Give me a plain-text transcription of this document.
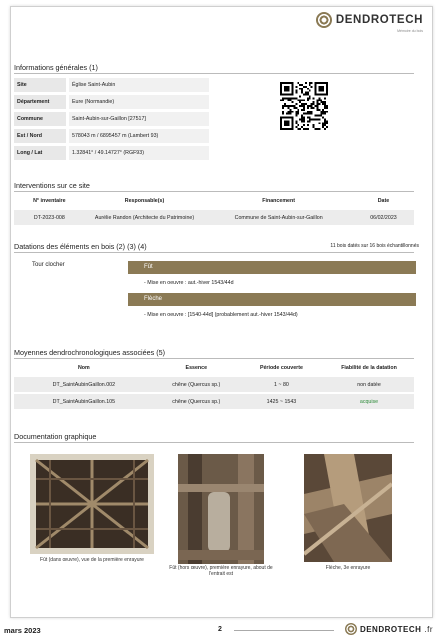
DENDROTECH
Mémoire du bois
Informations générales (1)
Site	Église Saint-Aubin
Département	Eure (Normandie)
Commune	Saint-Aubin-sur-Gaillon [27517]
Est / Nord	578043 m / 6895457 m (Lambert 93)
Long / Lat	1.32841° / 49.14727° (RGF93)
Interventions sur ce site
N° inventaire	Responsable(s)	Financement	Date
DT-2023-008	Aurélie Randon (Architecte du Patrimoine)	Commune de Saint-Aubin-sur-Gaillon	06/02/2023
Datations des éléments en bois (2) (3) (4)	11 bois datés sur 16 bois échantillonnés
Tour clocher	Fût
- Mise en oeuvre : aut.-hiver 1543/44d
Flèche
- Mise en oeuvre : [1540-44d] (probablement aut.-hiver 1543/44d)
Moyennes dendrochronologiques associées (5)
Nom	Essence	Période couverte	Fiabilité de la datation
DT_SaintAubinGaillon.002	chêne (Quercus sp.)	1 ~ 80	non datée
DT_SaintAubinGaillon.105	chêne (Quercus sp.)	1425 ~ 1543	acquise
Documentation graphique
Fût (dans œuvre), vue de la première enrayure
Fût (hors œuvre), première enrayure, about de l'entrait est
Flèche, 3e enrayure
mars 2023	2	DENDROTECH .fr
